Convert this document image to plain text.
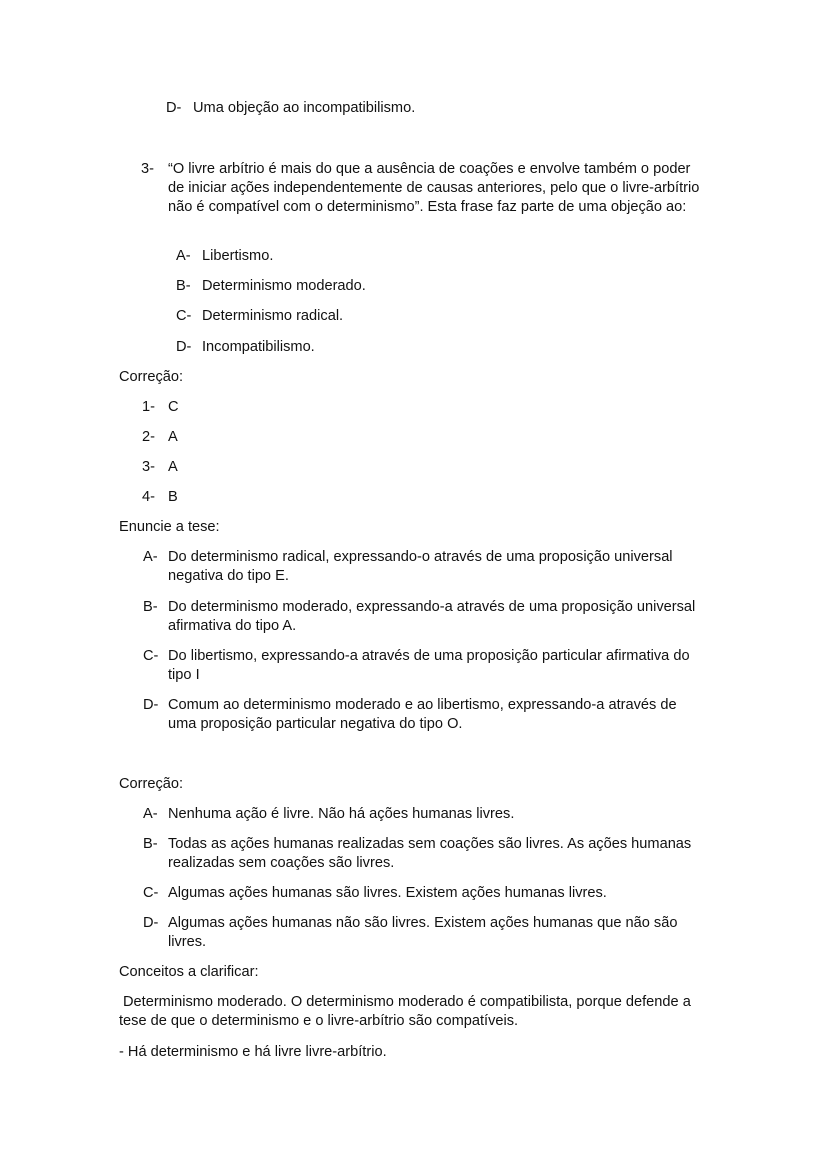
D- Uma objeção ao incompatibilismo.
3- “O livre arbítrio é mais do que a ausência de coações e envolve também o poder de iniciar ações independentemente de causas anteriores, pelo que o livre-arbítrio não é compatível com o determinismo”. Esta frase faz parte de uma objeção ao:
A- Libertismo.
B- Determinismo moderado.
C- Determinismo radical.
D- Incompatibilismo.
Correção:
1- C
2- A
3- A
4- B
Enuncie a tese:
A- Do determinismo radical, expressando-o através de uma proposição universal negativa do tipo E.
B- Do determinismo moderado, expressando-a através de uma proposição universal afirmativa do tipo A.
C- Do libertismo, expressando-a através de uma proposição particular afirmativa do tipo I
D- Comum ao determinismo moderado e ao libertismo, expressando-a através de uma proposição particular negativa do tipo O.
Correção:
A- Nenhuma ação é livre. Não há ações humanas livres.
B- Todas as ações humanas realizadas sem coações são livres. As ações humanas realizadas sem coações são livres.
C- Algumas ações humanas são livres. Existem ações humanas livres.
D- Algumas ações humanas não são livres. Existem ações humanas que não são livres.
Conceitos a clarificar:
Determinismo moderado. O determinismo moderado é compatibilista, porque defende a tese de que o determinismo e o livre-arbítrio são compatíveis.
- Há determinismo e há livre livre-arbítrio.
